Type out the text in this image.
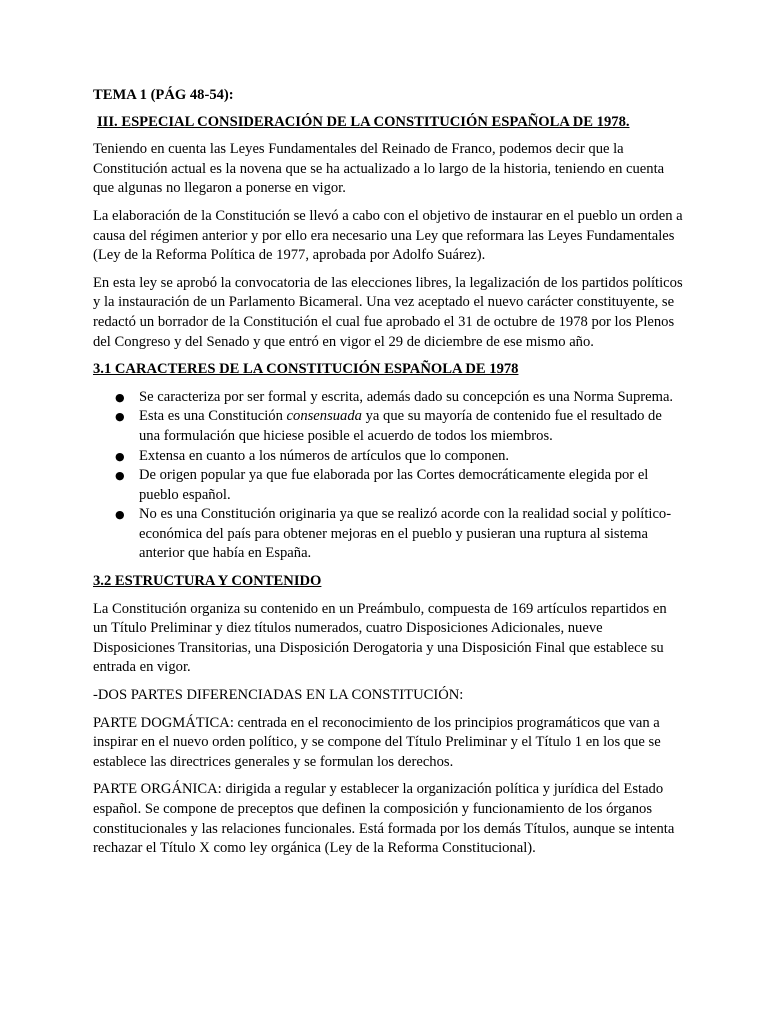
TEMA 1 (PÁG 48-54):

III. ESPECIAL CONSIDERACIÓN DE LA CONSTITUCIÓN ESPAÑOLA DE 1978.

Teniendo en cuenta las Leyes Fundamentales del Reinado de Franco, podemos decir que la Constitución actual es la novena que se ha actualizado a lo largo de la historia, teniendo en cuenta que algunas no llegaron a ponerse en vigor.

La elaboración de la Constitución se llevó a cabo con el objetivo de instaurar en el pueblo un orden a causa del régimen anterior y por ello era necesario una Ley que reformara las Leyes Fundamentales (Ley de la Reforma Política de 1977, aprobada por Adolfo Suárez).

En esta ley se aprobó la convocatoria de las elecciones libres, la legalización de los partidos políticos y la instauración de un Parlamento Bicameral. Una vez aceptado el nuevo carácter constituyente, se redactó un borrador de la Constitución el cual fue aprobado el 31 de octubre de 1978 por los Plenos del Congreso y del Senado y que entró en vigor el 29 de diciembre de ese mismo año.

3.1 CARACTERES DE LA CONSTITUCIÓN ESPAÑOLA DE 1978

● Se caracteriza por ser formal y escrita, además dado su concepción es una Norma Suprema.
● Esta es una Constitución consensuada ya que su mayoría de contenido fue el resultado de una formulación que hiciese posible el acuerdo de todos los miembros.
● Extensa en cuanto a los números de artículos que lo componen.
● De origen popular ya que fue elaborada por las Cortes democráticamente elegida por el pueblo español.
● No es una Constitución originaria ya que se realizó acorde con la realidad social y político-económica del país para obtener mejoras en el pueblo y pusieran una ruptura al sistema anterior que había en España.

3.2 ESTRUCTURA Y CONTENIDO

La Constitución organiza su contenido en un Preámbulo, compuesta de 169 artículos repartidos en un Título Preliminar y diez títulos numerados, cuatro Disposiciones Adicionales, nueve Disposiciones Transitorias, una Disposición Derogatoria y una Disposición Final que establece su entrada en vigor.

-DOS PARTES DIFERENCIADAS EN LA CONSTITUCIÓN:

PARTE DOGMÁTICA: centrada en el reconocimiento de los principios programáticos que van a inspirar en el nuevo orden político, y se compone del Título Preliminar y el Título 1 en los que se establece las directrices generales y se formulan los derechos.

PARTE ORGÁNICA: dirigida a regular y establecer la organización política y jurídica del Estado español. Se compone de preceptos que definen la composición y funcionamiento de los órganos constitucionales y las relaciones funcionales. Está formada por los demás Títulos, aunque se intenta rechazar el Título X como ley orgánica (Ley de la Reforma Constitucional).
